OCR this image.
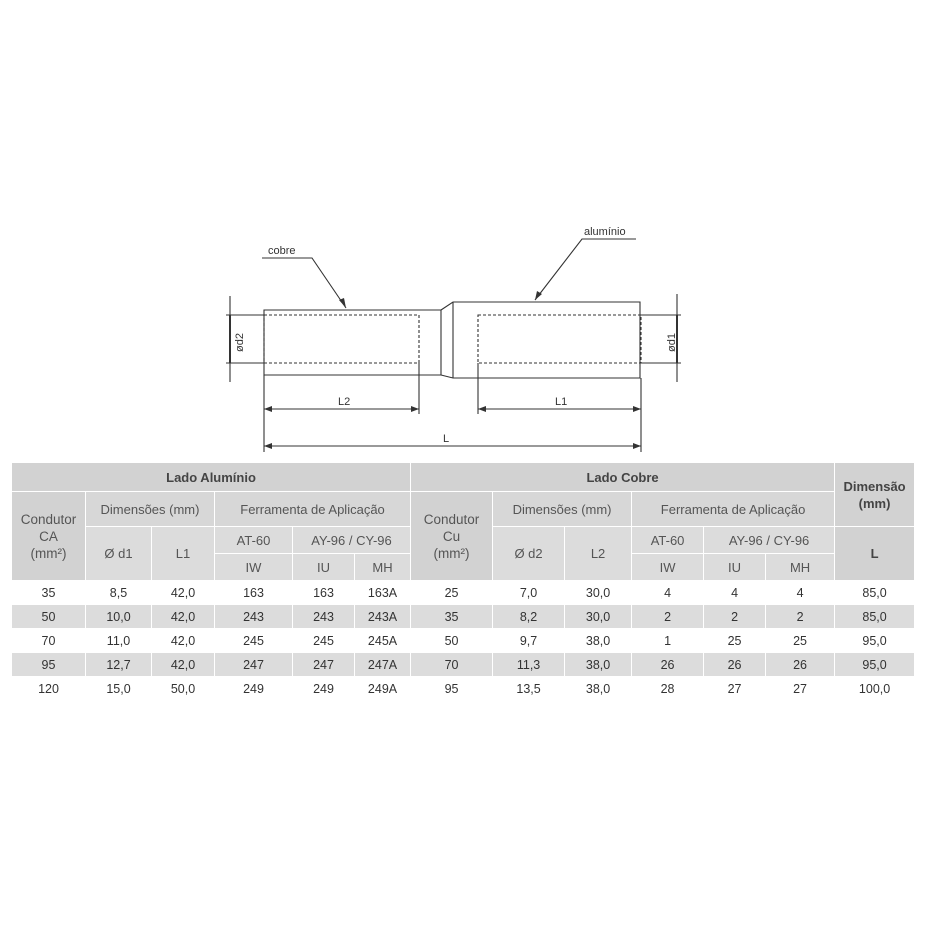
cobre
alumínio
ød2	ød1
L2	L1
L
Lado Alumínio						Lado Cobre						Dimensão
(mm)

Condutor
CA
(mm²)	Dimensões (mm)		Ferramenta de Aplicação			Condutor
Cu
(mm²)	Dimensões (mm)		Ferramenta de Aplicação			
	Ø d1	L1	AT-60	AY-96 / CY-96			Ø d2	L2	AT-60	AY-96 / CY-96		L
			IW	IU	MH				IW	IU	MH	

35	8,5	42,0	163	163	163A	25	7,0	30,0	4	4	4	85,0
50	10,0	42,0	243	243	243A	35	8,2	30,0	2	2	2	85,0
70	11,0	42,0	245	245	245A	50	9,7	38,0	1	25	25	95,0
95	12,7	42,0	247	247	247A	70	11,3	38,0	26	26	26	95,0
120	15,0	50,0	249	249	249A	95	13,5	38,0	28	27	27	100,0
